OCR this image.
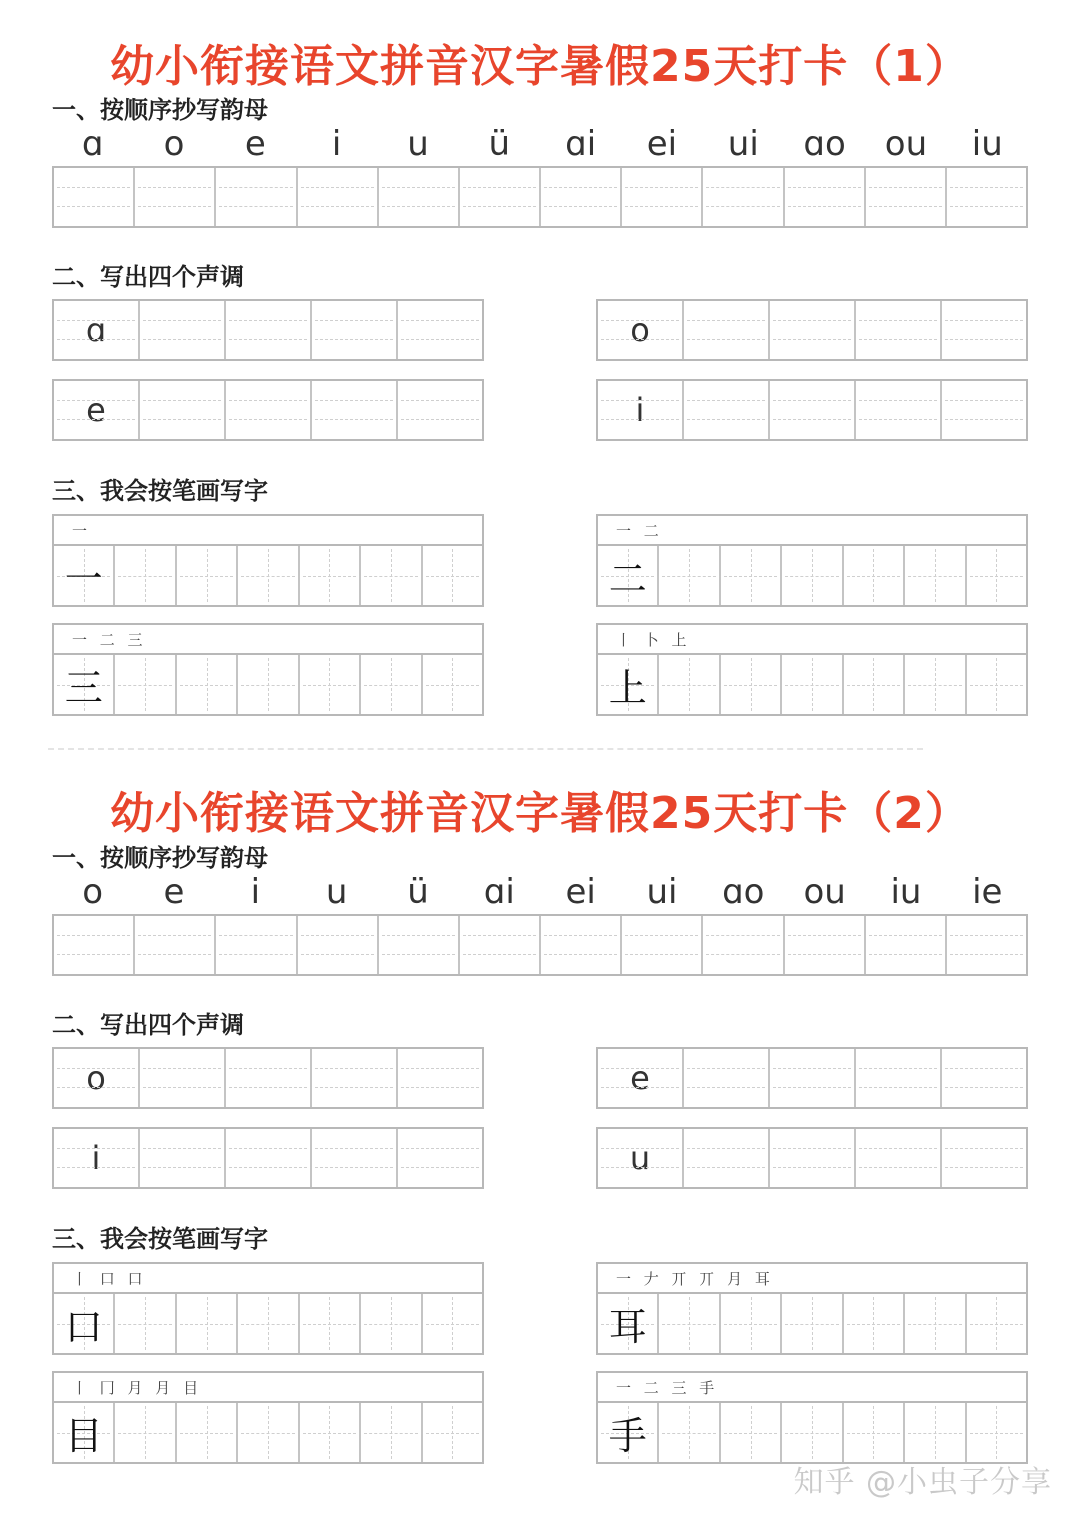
幼小衔接语文拼音汉字暑假25天打卡（1）
一、按顺序抄写韵母
ɑ	o	e	i	u	ü	ɑi	ei	ui	ɑo	ou	iu
二、写出四个声调
ɑ	o
e	i
三、我会按笔画写字
一
一
一 二
二
一 二 三
三
丨 卜 上
上
幼小衔接语文拼音汉字暑假25天打卡（2）
一、按顺序抄写韵母
o	e	i	u	ü	ɑi	ei	ui	ɑo	ou	iu	ie
二、写出四个声调
o	e
i	u
三、我会按笔画写字
丨 口 口
口
一 𠂇 丌 丌 月 耳
耳
丨 冂 月 月 目
目
一 二 三 手
手
知乎 @小虫子分享
